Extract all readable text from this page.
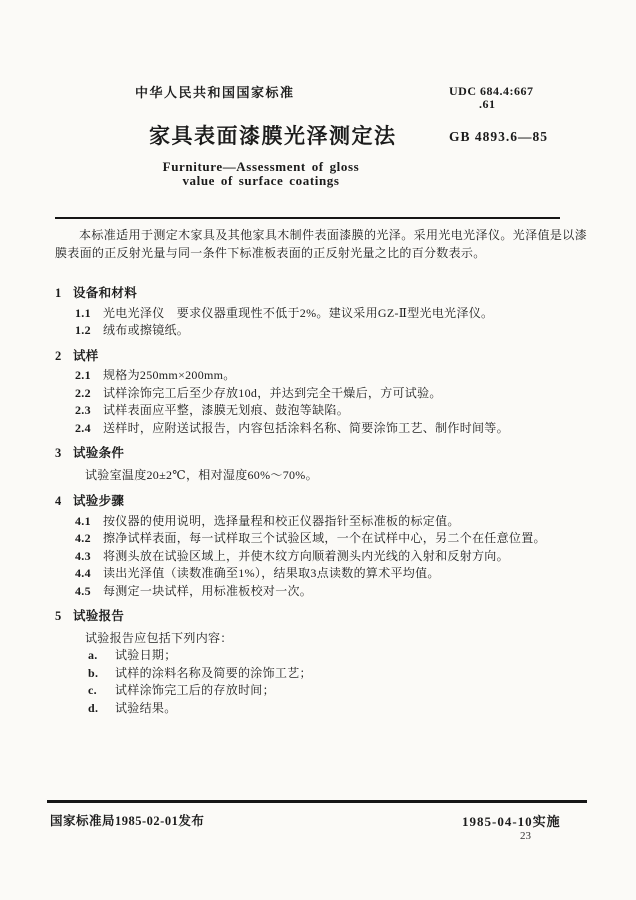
中华人民共和国国家标准	UDC 684.4:667
.61
家具表面漆膜光泽测定法	GB 4893.6—85
Furniture—Assessment of gloss
value of surface coatings

本标准适用于测定木家具及其他家具木制件表面漆膜的光泽。采用光电光泽仪。光泽值是以漆膜表面的正反射光量与同一条件下标准板表面的正反射光量之比的百分数表示。

1 设备和材料
1.1 光电光泽仪　要求仪器重现性不低于2%。建议采用GZ-Ⅱ型光电光泽仪。
1.2 绒布或擦镜纸。
2 试样
2.1 规格为250mm×200mm。
2.2 试样涂饰完工后至少存放10d，并达到完全干燥后，方可试验。
2.3 试样表面应平整，漆膜无划痕、鼓泡等缺陷。
2.4 送样时，应附送试报告，内容包括涂料名称、简要涂饰工艺、制作时间等。
3 试验条件

试验室温度20±2℃，相对湿度60%～70%。

4 试验步骤
4.1 按仪器的使用说明，选择量程和校正仪器指针至标准板的标定值。
4.2 擦净试样表面，每一试样取三个试验区域，一个在试样中心，另二个在任意位置。
4.3 将测头放在试验区域上，并使木纹方向顺着测头内光线的入射和反射方向。
4.4 读出光泽值（读数准确至1%），结果取3点读数的算术平均值。
4.5 每测定一块试样，用标准板校对一次。
5 试验报告

试验报告应包括下列内容：

a. 试验日期；
b. 试样的涂料名称及简要的涂饰工艺；
c. 试样涂饰完工后的存放时间；
d. 试验结果。
国家标准局1985-02-01发布	1985-04-10实施
23
